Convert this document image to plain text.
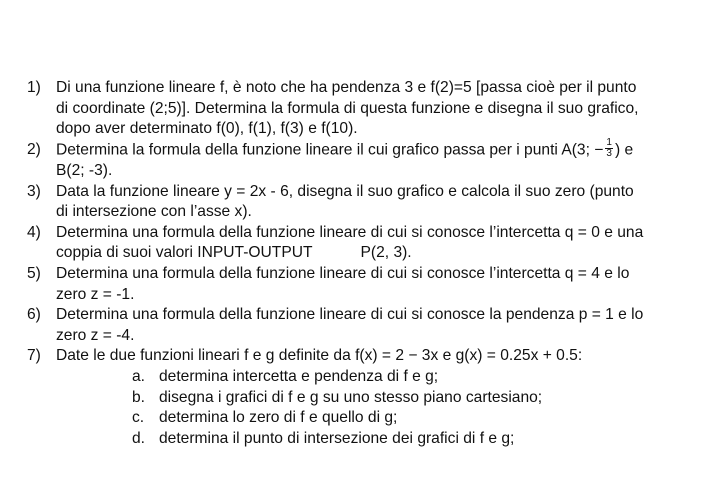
1) Di una funzione lineare f, è noto che ha pendenza 3 e f(2)=5 [passa cioè per il punto
di coordinate (2;5)]. Determina la formula di questa funzione e disegna il suo grafico,
dopo aver determinato f(0), f(1), f(3) e f(10).
2) Determina la formula della funzione lineare il cui grafico passa per i punti A(3; − $\frac{1}{3}$ ) e
B(2; -3).
3) Data la funzione lineare y = 2x - 6, disegna il suo grafico e calcola il suo zero (punto
di intersezione con l’asse x).
4) Determina una formula della funzione lineare di cui si conosce l’intercetta q = 0 e una
coppia di suoi valori INPUT-OUTPUT	P(2, 3).
5) Determina una formula della funzione lineare di cui si conosce l’intercetta q = 4 e lo
zero z = -1.
6) Determina una formula della funzione lineare di cui si conosce la pendenza p = 1 e lo
zero z = -4.
7) Date le due funzioni lineari f e g definite da f(x) = 2 − 3x e g(x) = 0.25x + 0.5:
a. determina intercetta e pendenza di f e g;
b. disegna i grafici di f e g su uno stesso piano cartesiano;
c. determina lo zero di f e quello di g;
d. determina il punto di intersezione dei grafici di f e g;
